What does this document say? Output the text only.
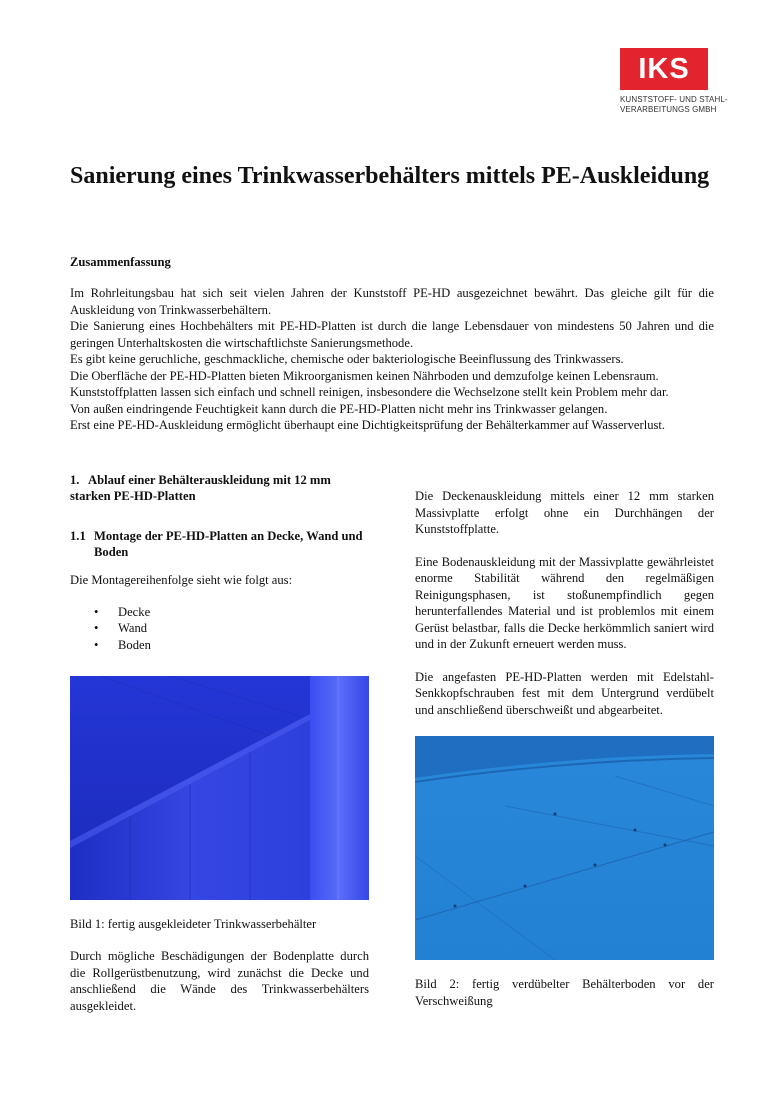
IKS
KUNSTSTOFF- UND STAHL-
VERARBEITUNGS GMBH
Sanierung eines Trinkwasserbehälters mittels PE-Auskleidung
Zusammenfassung

Im Rohrleitungsbau hat sich seit vielen Jahren der Kunststoff PE-HD ausgezeichnet bewährt. Das gleiche gilt für die Auskleidung von Trinkwasserbehältern.

Die Sanierung eines Hochbehälters mit PE-HD-Platten ist durch die lange Lebensdauer von mindestens 50 Jahren und die geringen Unterhaltskosten die wirtschaftlichste Sanierungsmethode.

Es gibt keine geruchliche, geschmackliche, chemische oder bakteriologische Beeinflussung des Trinkwassers.

Die Oberfläche der PE-HD-Platten bieten Mikroorganismen keinen Nährboden und demzufolge keinen Lebensraum.

Kunststoffplatten lassen sich einfach und schnell reinigen, insbesondere die Wechselzone stellt kein Problem mehr dar.

Von außen eindringende Feuchtigkeit kann durch die PE-HD-Platten nicht mehr ins Trinkwasser gelangen.

Erst eine PE-HD-Auskleidung ermöglicht überhaupt eine Dichtigkeitsprüfung der Behälterkammer auf Wasserverlust.

1. Ablauf einer Behälterauskleidung mit 12 mm
starken PE-HD-Platten
1.1 Montage der PE-HD-Platten an Decke, Wand und Boden

Die Montagereihenfolge sieht wie folgt aus:

• Decke
• Wand
• Boden
Bild 1: fertig ausgekleideter Trinkwasserbehälter
Durch mögliche Beschädigungen der Bodenplatte durch die Rollgerüstbenutzung, wird zunächst die Decke und anschließend die Wände des Trinkwasserbehälters ausgekleidet.

Die Deckenauskleidung mittels einer 12 mm starken Massivplatte erfolgt ohne ein Durchhängen der Kunststoffplatte.

Eine Bodenauskleidung mit der Massivplatte gewährleistet enorme Stabilität während den regelmäßigen Reinigungsphasen, ist stoßunempfindlich gegen herunterfallendes Material und ist problemlos mit einem Gerüst belastbar, falls die Decke herkömmlich saniert wird und in der Zukunft erneuert werden muss.

Die angefasten PE-HD-Platten werden mit Edelstahl-Senkkopfschrauben fest mit dem Untergrund verdübelt und anschließend überschweißt und abgearbeitet.

Bild 2: fertig verdübelter Behälterboden vor der Verschweißung
